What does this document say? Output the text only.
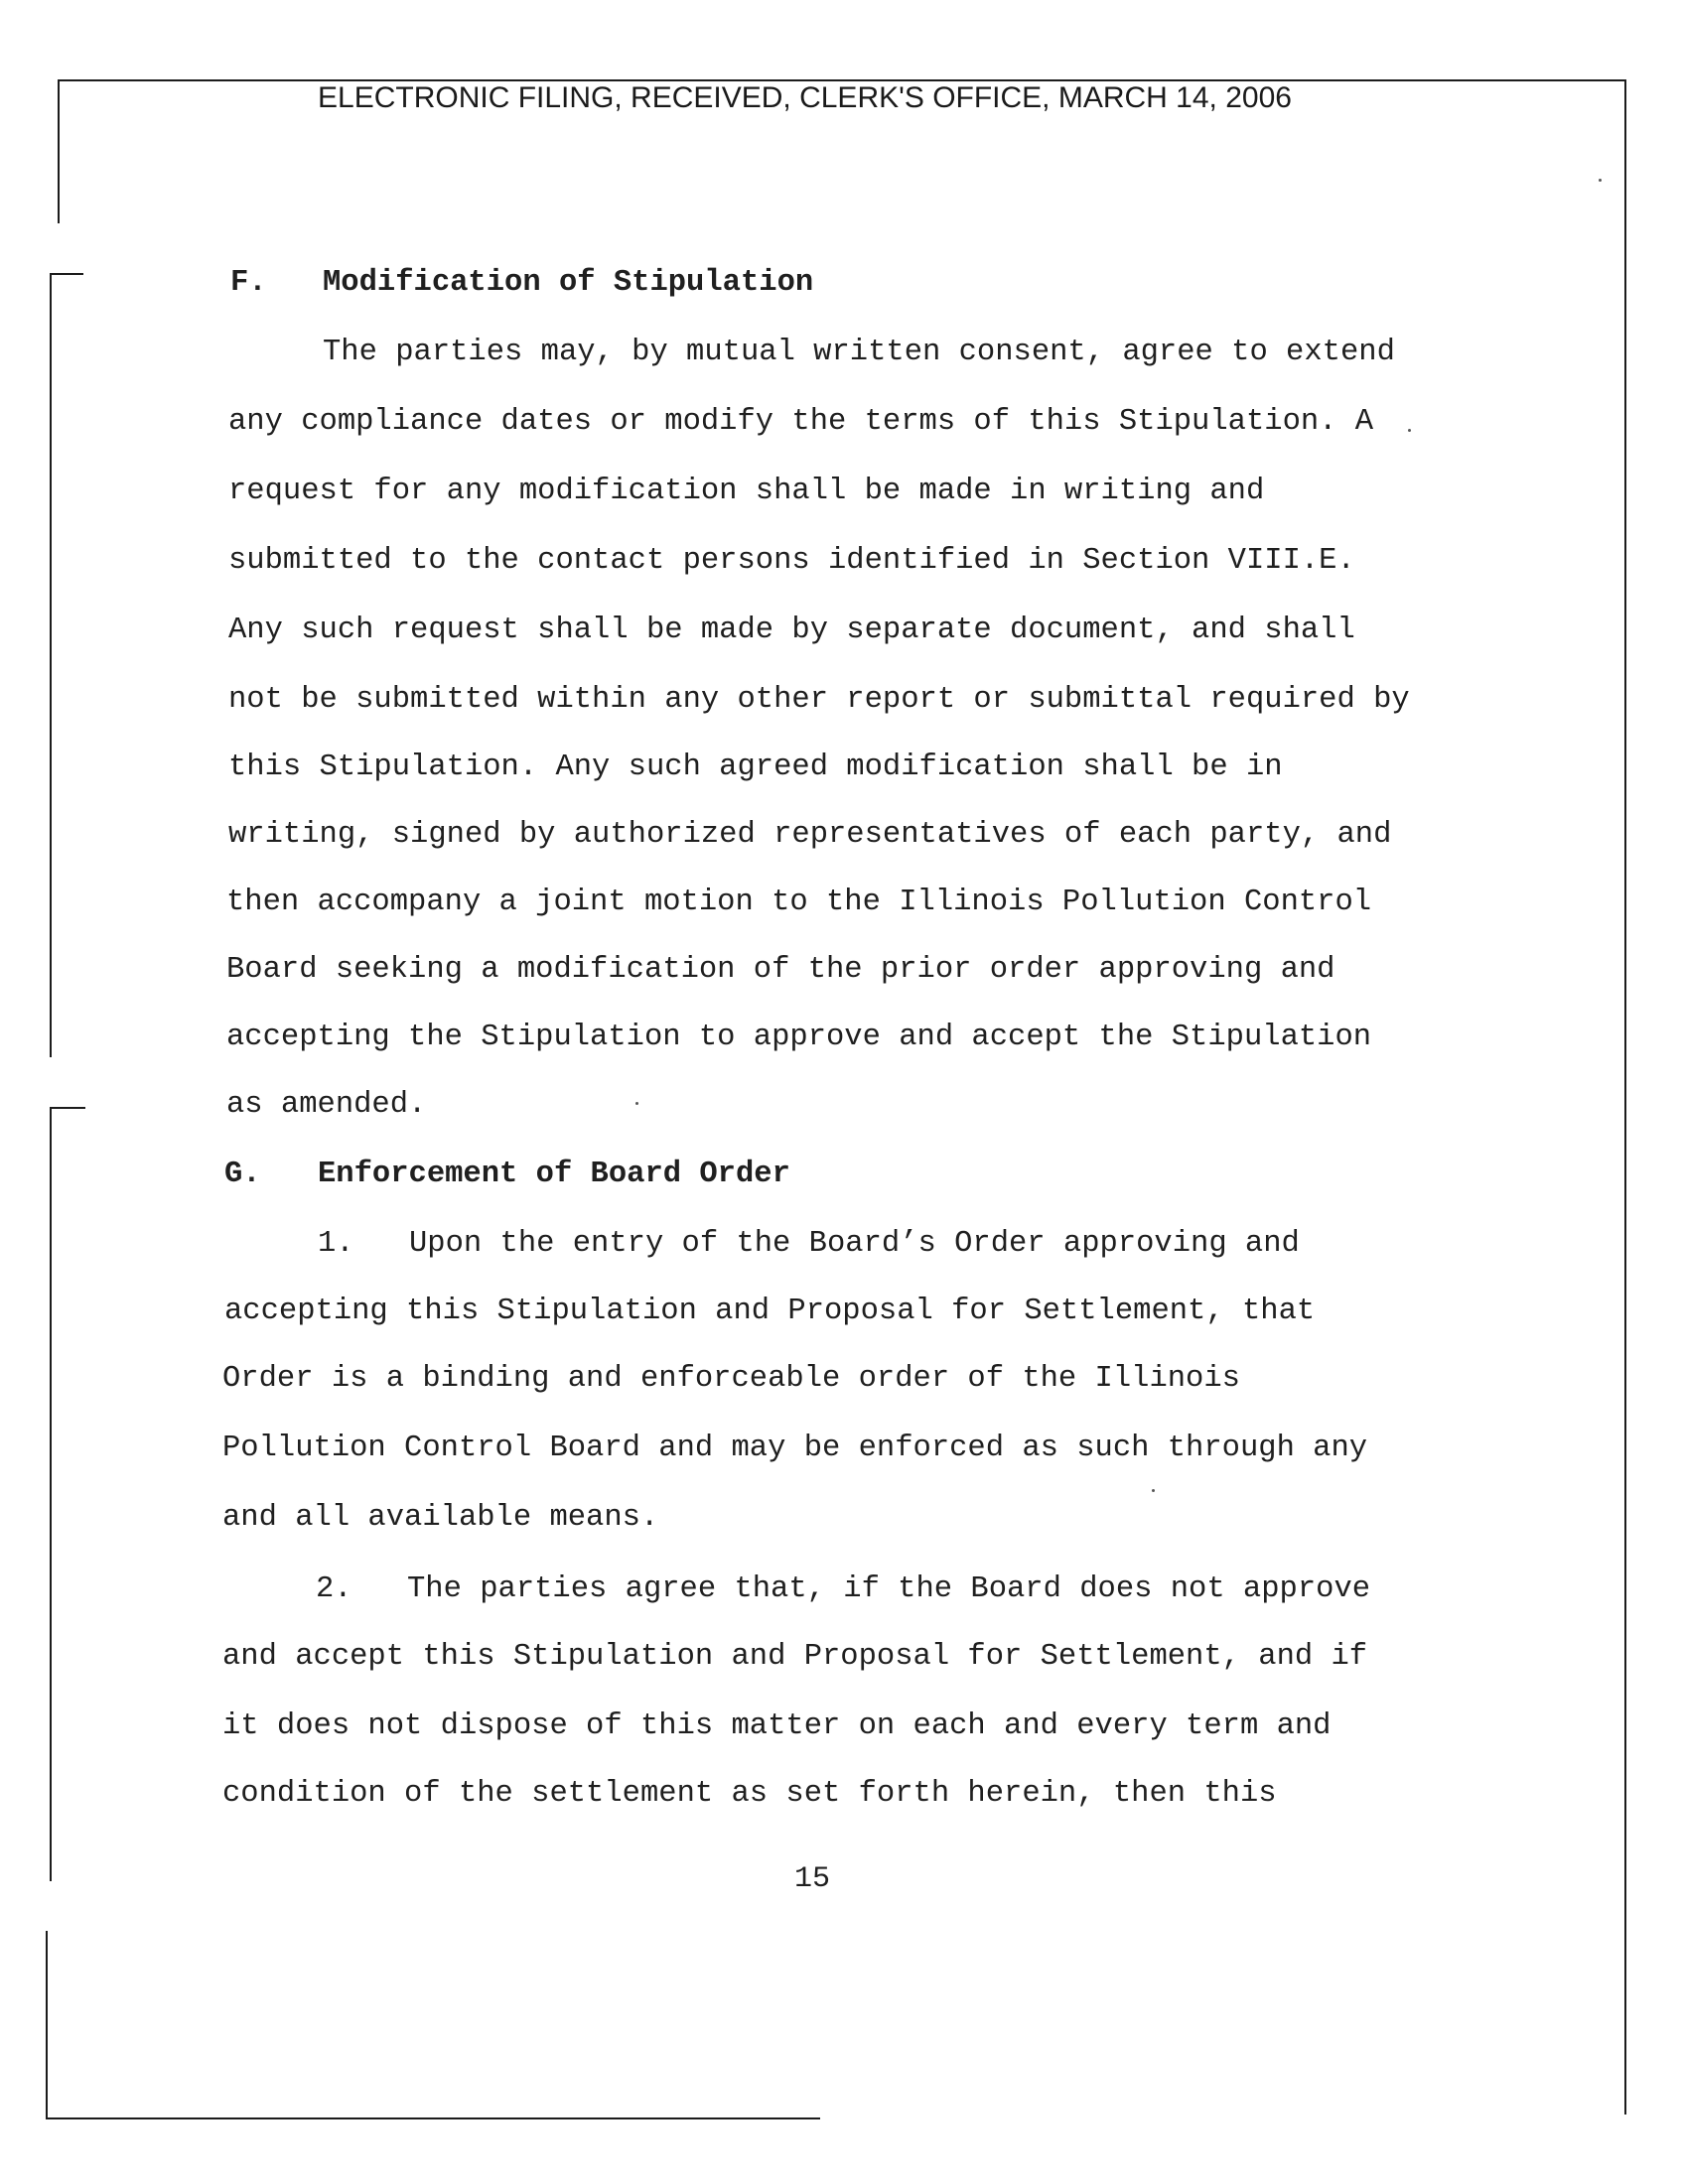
ELECTRONIC FILING, RECEIVED, CLERK'S OFFICE, MARCH 14, 2006
F. Modification of Stipulation
The parties may, by mutual written consent, agree to extend
any compliance dates or modify the terms of this Stipulation. A
request for any modification shall be made in writing and
submitted to the contact persons identified in Section VIII.E.
Any such request shall be made by separate document, and shall
not be submitted within any other report or submittal required by
this Stipulation. Any such agreed modification shall be in
writing, signed by authorized representatives of each party, and
then accompany a joint motion to the Illinois Pollution Control
Board seeking a modification of the prior order approving and
accepting the Stipulation to approve and accept the Stipulation
as amended.
G. Enforcement of Board Order
1. Upon the entry of the Board’s Order approving and
accepting this Stipulation and Proposal for Settlement, that
Order is a binding and enforceable order of the Illinois
Pollution Control Board and may be enforced as such through any
and all available means.
2. The parties agree that, if the Board does not approve
and accept this Stipulation and Proposal for Settlement, and if
it does not dispose of this matter on each and every term and
condition of the settlement as set forth herein, then this
15
